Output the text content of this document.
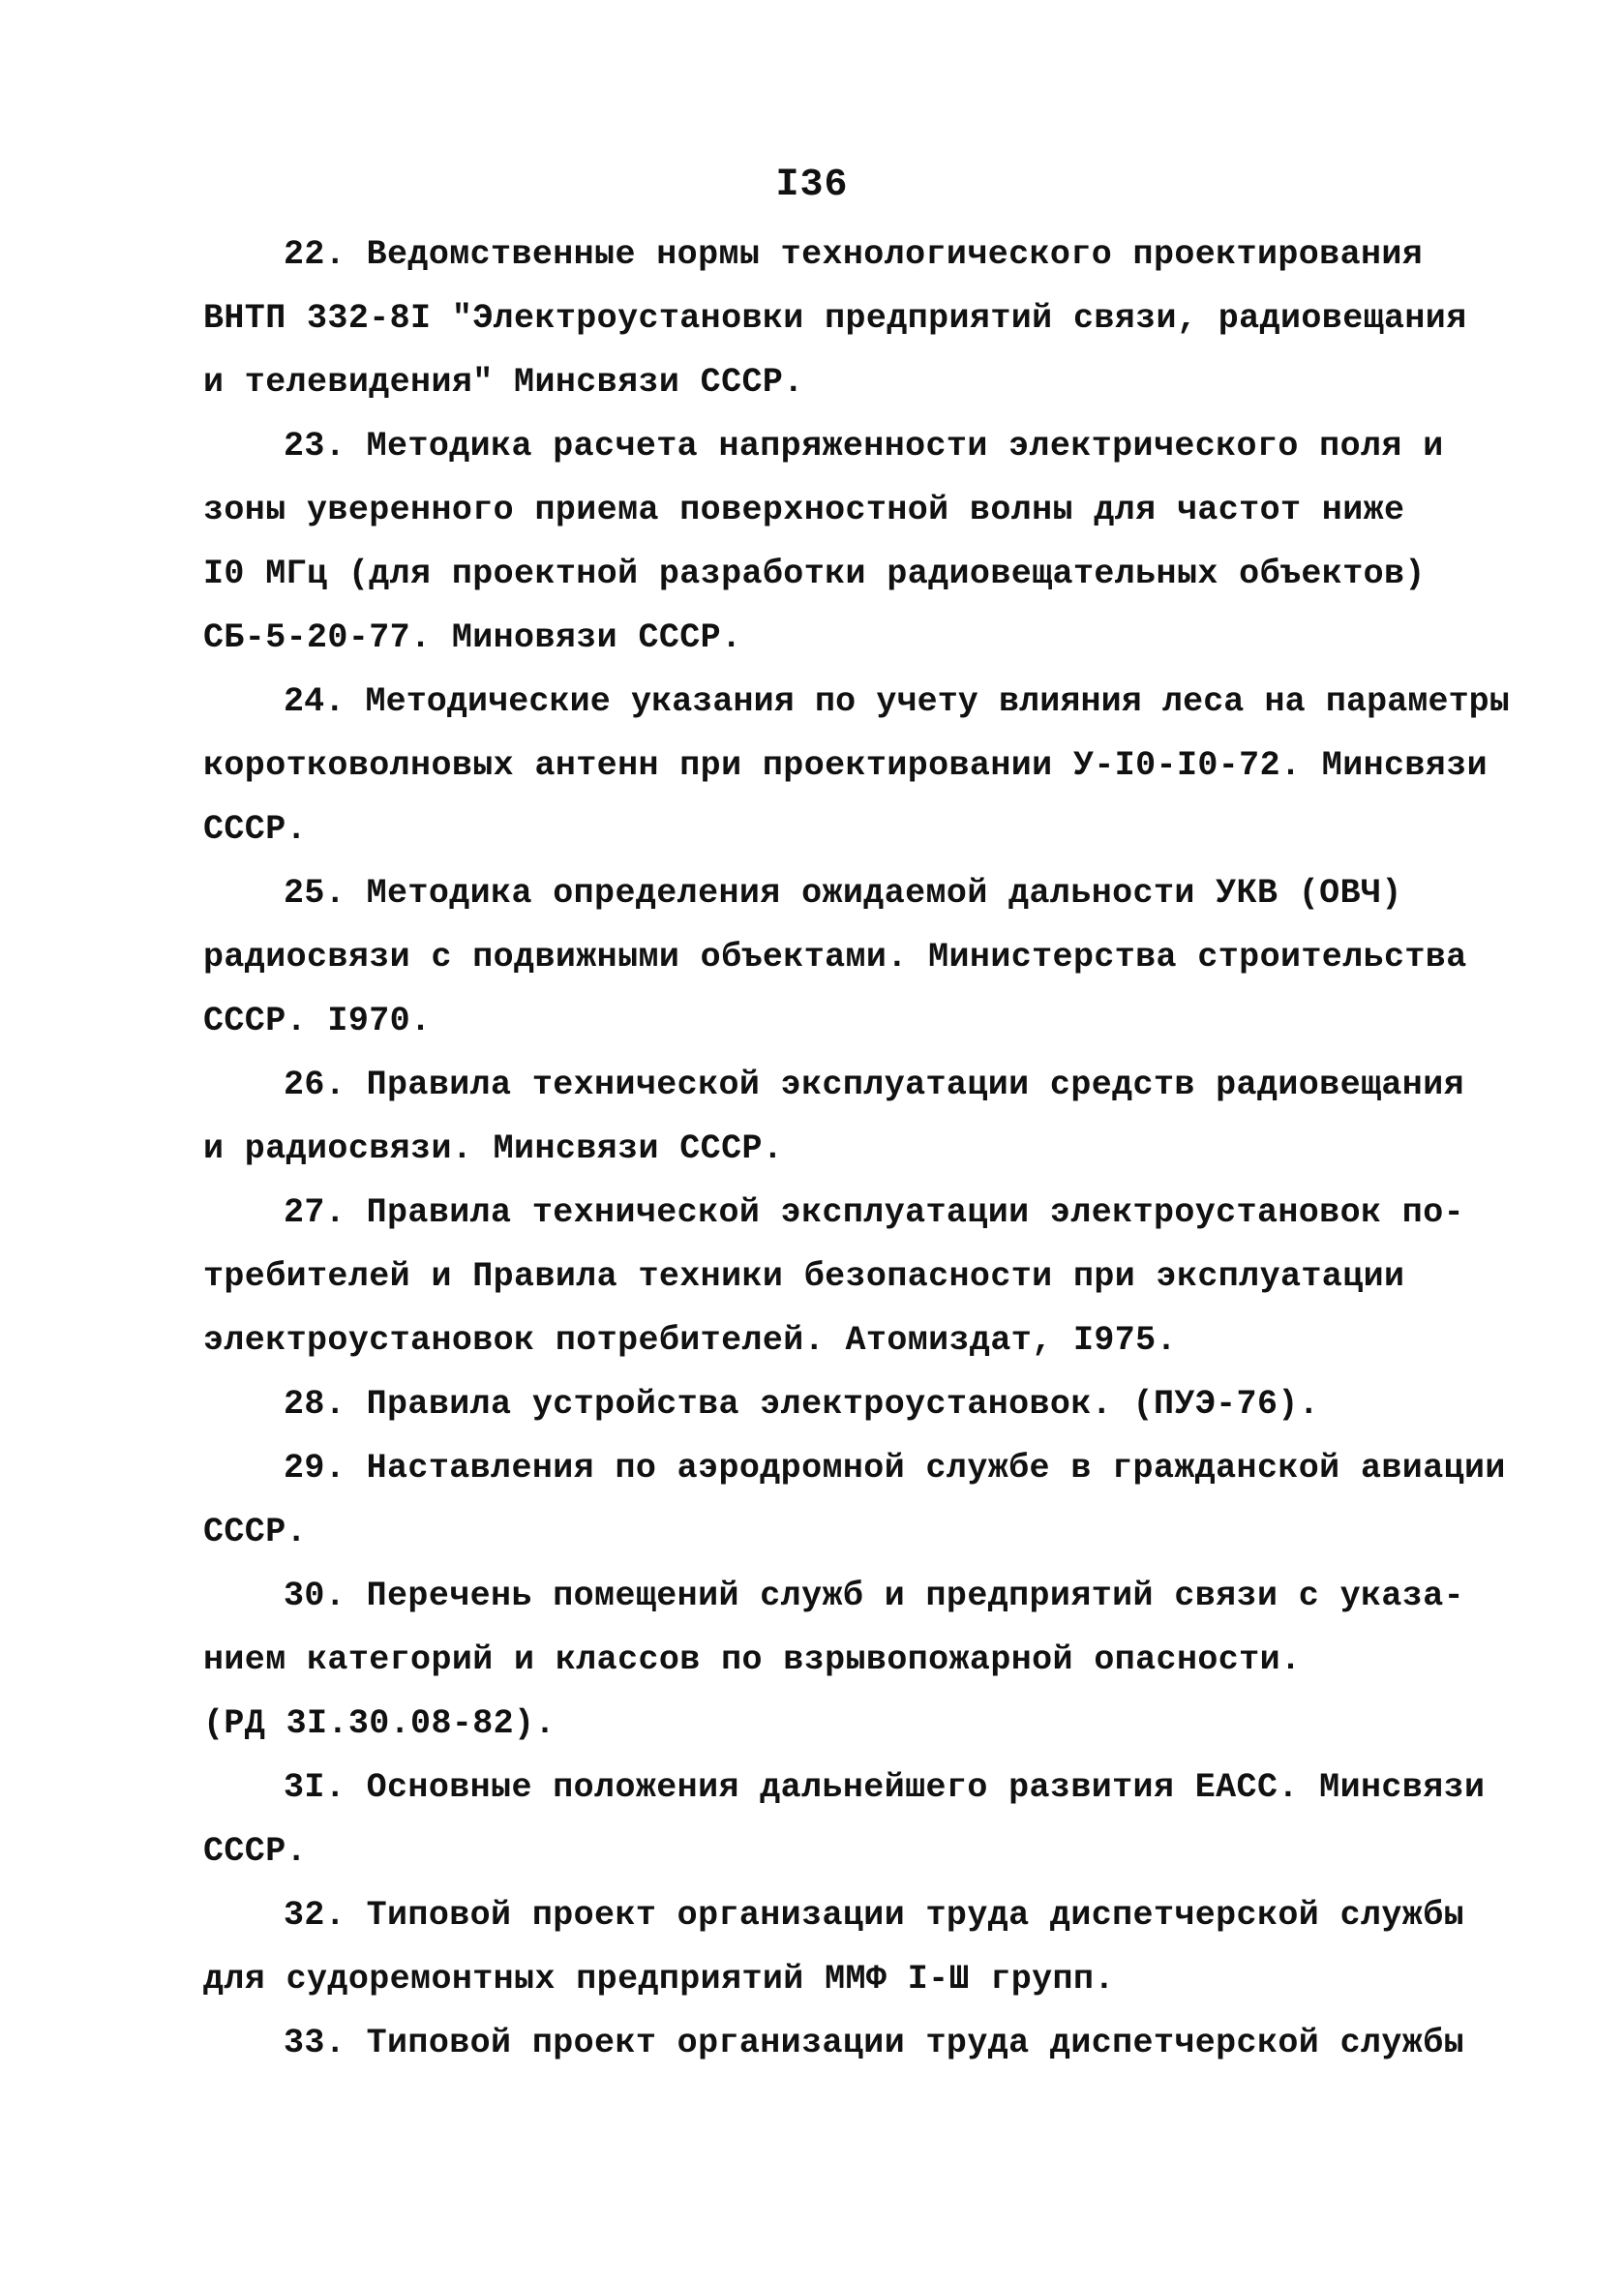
I36
22. Ведомственные нормы технологического проектирования
ВНТП 332-8I "Электроустановки предприятий связи, радиовещания
и телевидения" Минсвязи СССР.
23. Методика расчета напряженности электрического поля и
зоны уверенного приема поверхностной волны для частот ниже
I0 МГц (для проектной разработки радиовещательных объектов)
СБ-5-20-77. Миновязи СССР.
24. Методические указания по учету влияния леса на параметры
коротковолновых антенн при проектировании У-I0-I0-72. Минсвязи
СССР.
25. Методика определения ожидаемой дальности УКВ (ОВЧ)
радиосвязи с подвижными объектами. Министерства строительства
СССР. I970.
26. Правила технической эксплуатации средств радиовещания
и радиосвязи. Минсвязи СССР.
27. Правила технической эксплуатации электроустановок по-
требителей и Правила техники безопасности при эксплуатации
электроустановок потребителей. Атомиздат, I975.
28. Правила устройства электроустановок. (ПУЭ-76).
29. Наставления по аэродромной службе в гражданской авиации
СССР.
30. Перечень помещений служб и предприятий связи с указа-
нием категорий и классов по взрывопожарной опасности.
(РД 3I.30.08-82).
3I. Основные положения дальнейшего развития ЕАСС. Минсвязи
СССР.
32. Типовой проект организации труда диспетчерской службы
для судоремонтных предприятий ММФ I-Ш групп.
33. Типовой проект организации труда диспетчерской службы
